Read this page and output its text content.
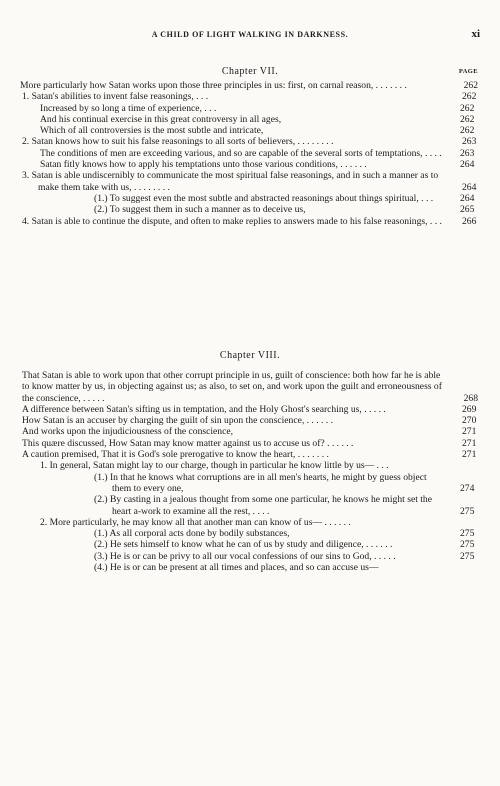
A CHILD OF LIGHT WALKING IN DARKNESS.	xi
Chapter VII.	PAGE
More particularly how Satan works upon those three principles in us: first, on carnal reason, . . . . . . .	262
1. Satan's abilities to invent false reasonings, . . .	262
Increased by so long a time of experience, . . .	262
And his continual exercise in this great controversy in all ages,	262
Which of all controversies is the most subtle and intricate,	262
2. Satan knows how to suit his false reasonings to all sorts of believers, . . . . . . . .	263
The conditions of men are exceeding various, and so are capable of the several sorts of temptations, . . . .	263
Satan fitly knows how to apply his temptations unto those various conditions, . . . . . .	264
3. Satan is able undiscernibly to communicate the most spiritual false reasonings, and in such a manner as to make them take with us, . . . . . . . .	264
(1.) To suggest even the most subtle and abstracted reasonings about things spiritual, . . .	264
(2.) To suggest them in such a manner as to deceive us,	265
4. Satan is able to continue the dispute, and often to make replies to answers made to his false reasonings, . . .	266
Chapter VIII.
That Satan is able to work upon that other corrupt principle in us, guilt of conscience: both how far he is able to know matter by us, in objecting against us; as also, to set on, and work upon the guilt and erroneousness of the conscience, . . . . .	268
A difference between Satan's sifting us in temptation, and the Holy Ghost's searching us, . . . . .	269
How Satan is an accuser by charging the guilt of sin upon the conscience, . . . . . .	270
And works upon the injudiciousness of the conscience,	271
This quære discussed, How Satan may know matter against us to accuse us of? . . . . . .	271
A caution premised, That it is God's sole prerogative to know the heart, . . . . . . .	271
1. In general, Satan might lay to our charge, though in particular he know little by us— . . .
(1.) In that he knows what corruptions are in all men's hearts, he might by guess object them to every one,	274
(2.) By casting in a jealous thought from some one particular, he knows he might set the heart a-work to examine all the rest, . . . .	275
2. More particularly, he may know all that another man can know of us— . . . . . .
(1.) As all corporal acts done by bodily substances,	275
(2.) He sets himself to know what he can of us by study and diligence, . . . . . .	275
(3.) He is or can be privy to all our vocal confessions of our sins to God, . . . . .	275
(4.) He is or can be present at all times and places, and so can accuse us—
